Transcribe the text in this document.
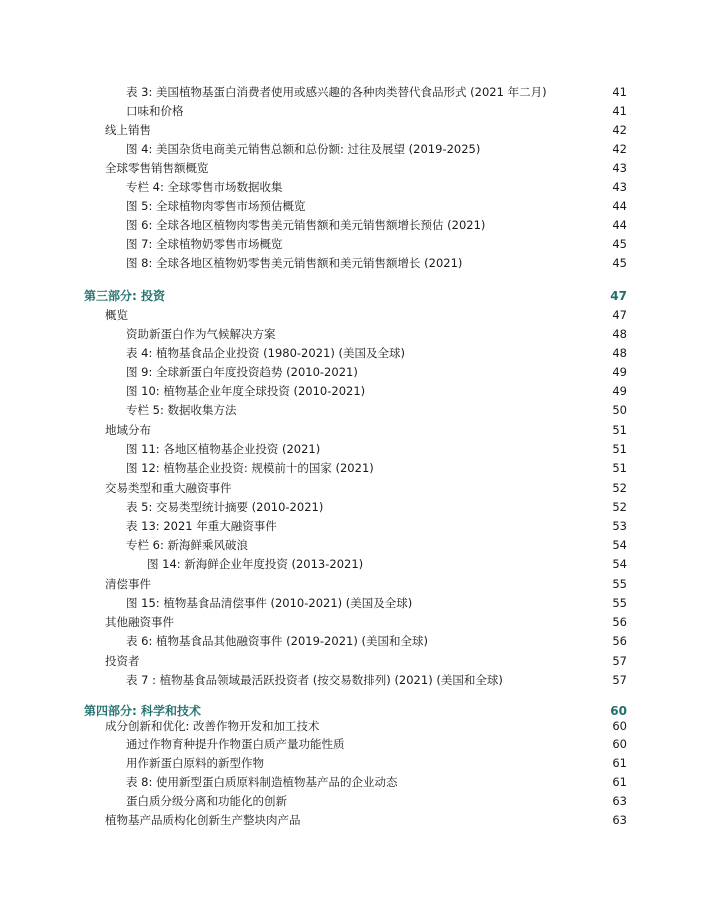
表 3: 美国植物基蛋白消费者使用或感兴趣的各种肉类替代食品形式 (2021 年二月)	41
口味和价格	41
线上销售	42
图 4: 美国杂货电商美元销售总额和总份额: 过往及展望 (2019-2025)	42
全球零售销售额概览	43
专栏 4: 全球零售市场数据收集	43
图 5: 全球植物肉零售市场预估概览	44
图 6: 全球各地区植物肉零售美元销售额和美元销售额增长预估 (2021)	44
图 7: 全球植物奶零售市场概览	45
图 8: 全球各地区植物奶零售美元销售额和美元销售额增长 (2021)	45
第三部分: 投资	47
概览	47
资助新蛋白作为气候解决方案	48
表 4: 植物基食品企业投资 (1980-2021) (美国及全球)	48
图 9: 全球新蛋白年度投资趋势 (2010-2021)	49
图 10: 植物基企业年度全球投资 (2010-2021)	49
专栏 5: 数据收集方法	50
地域分布	51
图 11: 各地区植物基企业投资 (2021)	51
图 12: 植物基企业投资: 规模前十的国家 (2021)	51
交易类型和重大融资事件	52
表 5: 交易类型统计摘要 (2010-2021)	52
表 13: 2021 年重大融资事件	53
专栏 6: 新海鲜乘风破浪	54
图 14: 新海鲜企业年度投资 (2013-2021)	54
清偿事件	55
图 15: 植物基食品清偿事件 (2010-2021) (美国及全球)	55
其他融资事件	56
表 6: 植物基食品其他融资事件 (2019-2021) (美国和全球)	56
投资者	57
表 7 : 植物基食品领域最活跃投资者 (按交易数排列) (2021) (美国和全球)	57
第四部分: 科学和技术	60
成分创新和优化: 改善作物开发和加工技术	60
通过作物育种提升作物蛋白质产量功能性质	60
用作新蛋白原料的新型作物	61
表 8: 使用新型蛋白质原料制造植物基产品的企业动态	61
蛋白质分级分离和功能化的创新	63
植物基产品质构化创新生产整块肉产品	63
